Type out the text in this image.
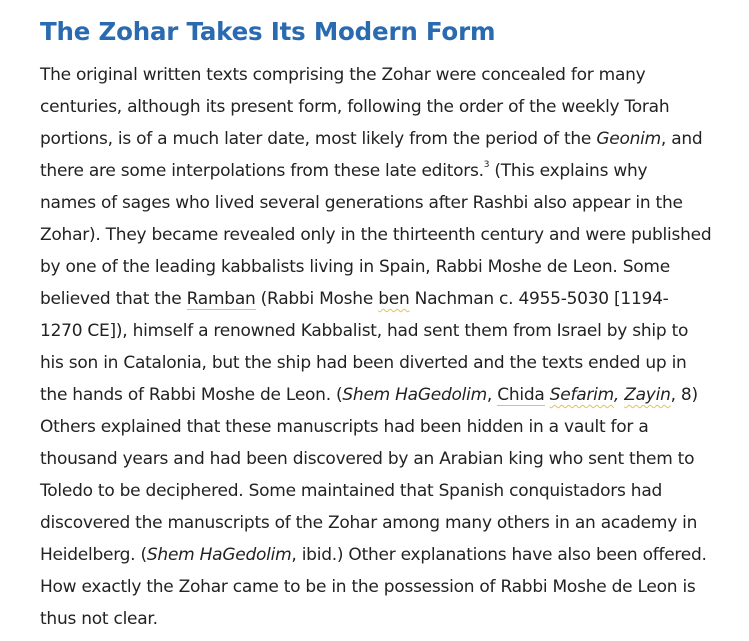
The Zohar Takes Its Modern Form
The original written texts comprising the Zohar were concealed for many
centuries, although its present form, following the order of the weekly Torah
portions, is of a much later date, most likely from the period of the Geonim, and
there are some interpolations from these late editors.$^3$ (This explains why
names of sages who lived several generations after Rashbi also appear in the
Zohar). They became revealed only in the thirteenth century and were published
by one of the leading kabbalists living in Spain, Rabbi Moshe de Leon. Some
believed that the Ramban (Rabbi Moshe ben Nachman c. 4955-5030 [1194-
1270 CE]), himself a renowned Kabbalist, had sent them from Israel by ship to
his son in Catalonia, but the ship had been diverted and the texts ended up in
the hands of Rabbi Moshe de Leon. (Shem HaGedolim, Chida Sefarim, Zayin, 8)
Others explained that these manuscripts had been hidden in a vault for a
thousand years and had been discovered by an Arabian king who sent them to
Toledo to be deciphered. Some maintained that Spanish conquistadors had
discovered the manuscripts of the Zohar among many others in an academy in
Heidelberg. (Shem HaGedolim, ibid.) Other explanations have also been offered.
How exactly the Zohar came to be in the possession of Rabbi Moshe de Leon is
thus not clear.
